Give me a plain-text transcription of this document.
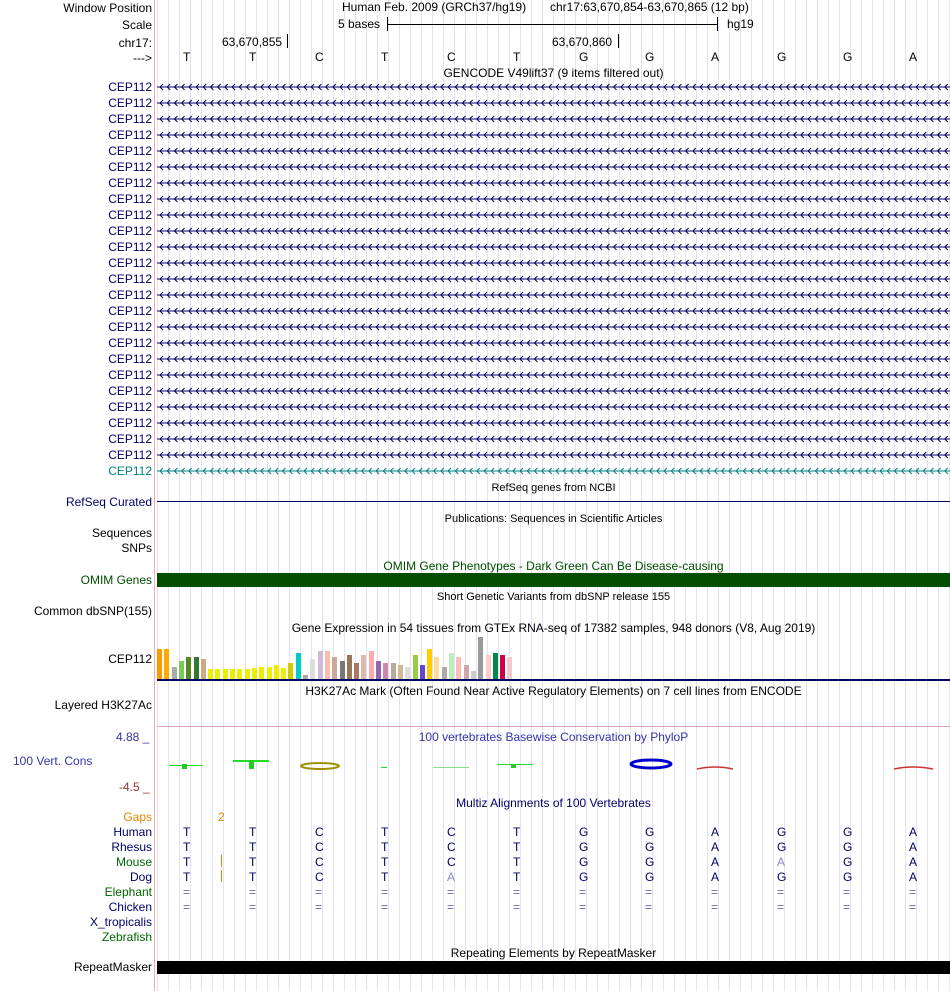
Window Position
Scale
chr17:
--->
Human Feb. 2009 (GRCh37/hg19) chr17:63,670,854-63,670,865 (12 bp)
5 bases	hg19
63,670,855	63,670,860
T	T	C	T	C	T	G	G	A	G	G	A
GENCODE V49lift37 (9 items filtered out)
CEP112
CEP112
CEP112
CEP112
CEP112
CEP112
CEP112
CEP112
CEP112
CEP112
CEP112
CEP112
CEP112
CEP112
CEP112
CEP112
CEP112
CEP112
CEP112
CEP112
CEP112
CEP112
CEP112
CEP112
CEP112
RefSeq genes from NCBI
RefSeq Curated
Publications: Sequences in Scientific Articles
Sequences
SNPs
OMIM Gene Phenotypes - Dark Green Can Be Disease-causing
OMIM Genes
Short Genetic Variants from dbSNP release 155
Common dbSNP(155)
Gene Expression in 54 tissues from GTEx RNA-seq of 17382 samples, 948 donors (V8, Aug 2019)
CEP112
H3K27Ac Mark (Often Found Near Active Regulatory Elements) on 7 cell lines from ENCODE
Layered H3K27Ac
100 vertebrates Basewise Conservation by PhyloP
4.88 _
100 Vert. Cons
-4.5 _
Multiz Alignments of 100 Vertebrates
Gaps	2
Human	T	T	C	T	C	T	G	G	A	G	G	A
Rhesus	T	T	C	T	C	T	G	G	A	G	G	A
Mouse	T	T	C	T	C	T	G	G	A	A	G	A
Dog	T	T	C	T	A	T	G	G	A	G	G	A
Elephant	=	=	=	=	=	=	=	=	=	=	=	=
Chicken	=	=	=	=	=	=	=	=	=	=	=	=
X_tropicalis
Zebrafish
Repeating Elements by RepeatMasker
RepeatMasker
